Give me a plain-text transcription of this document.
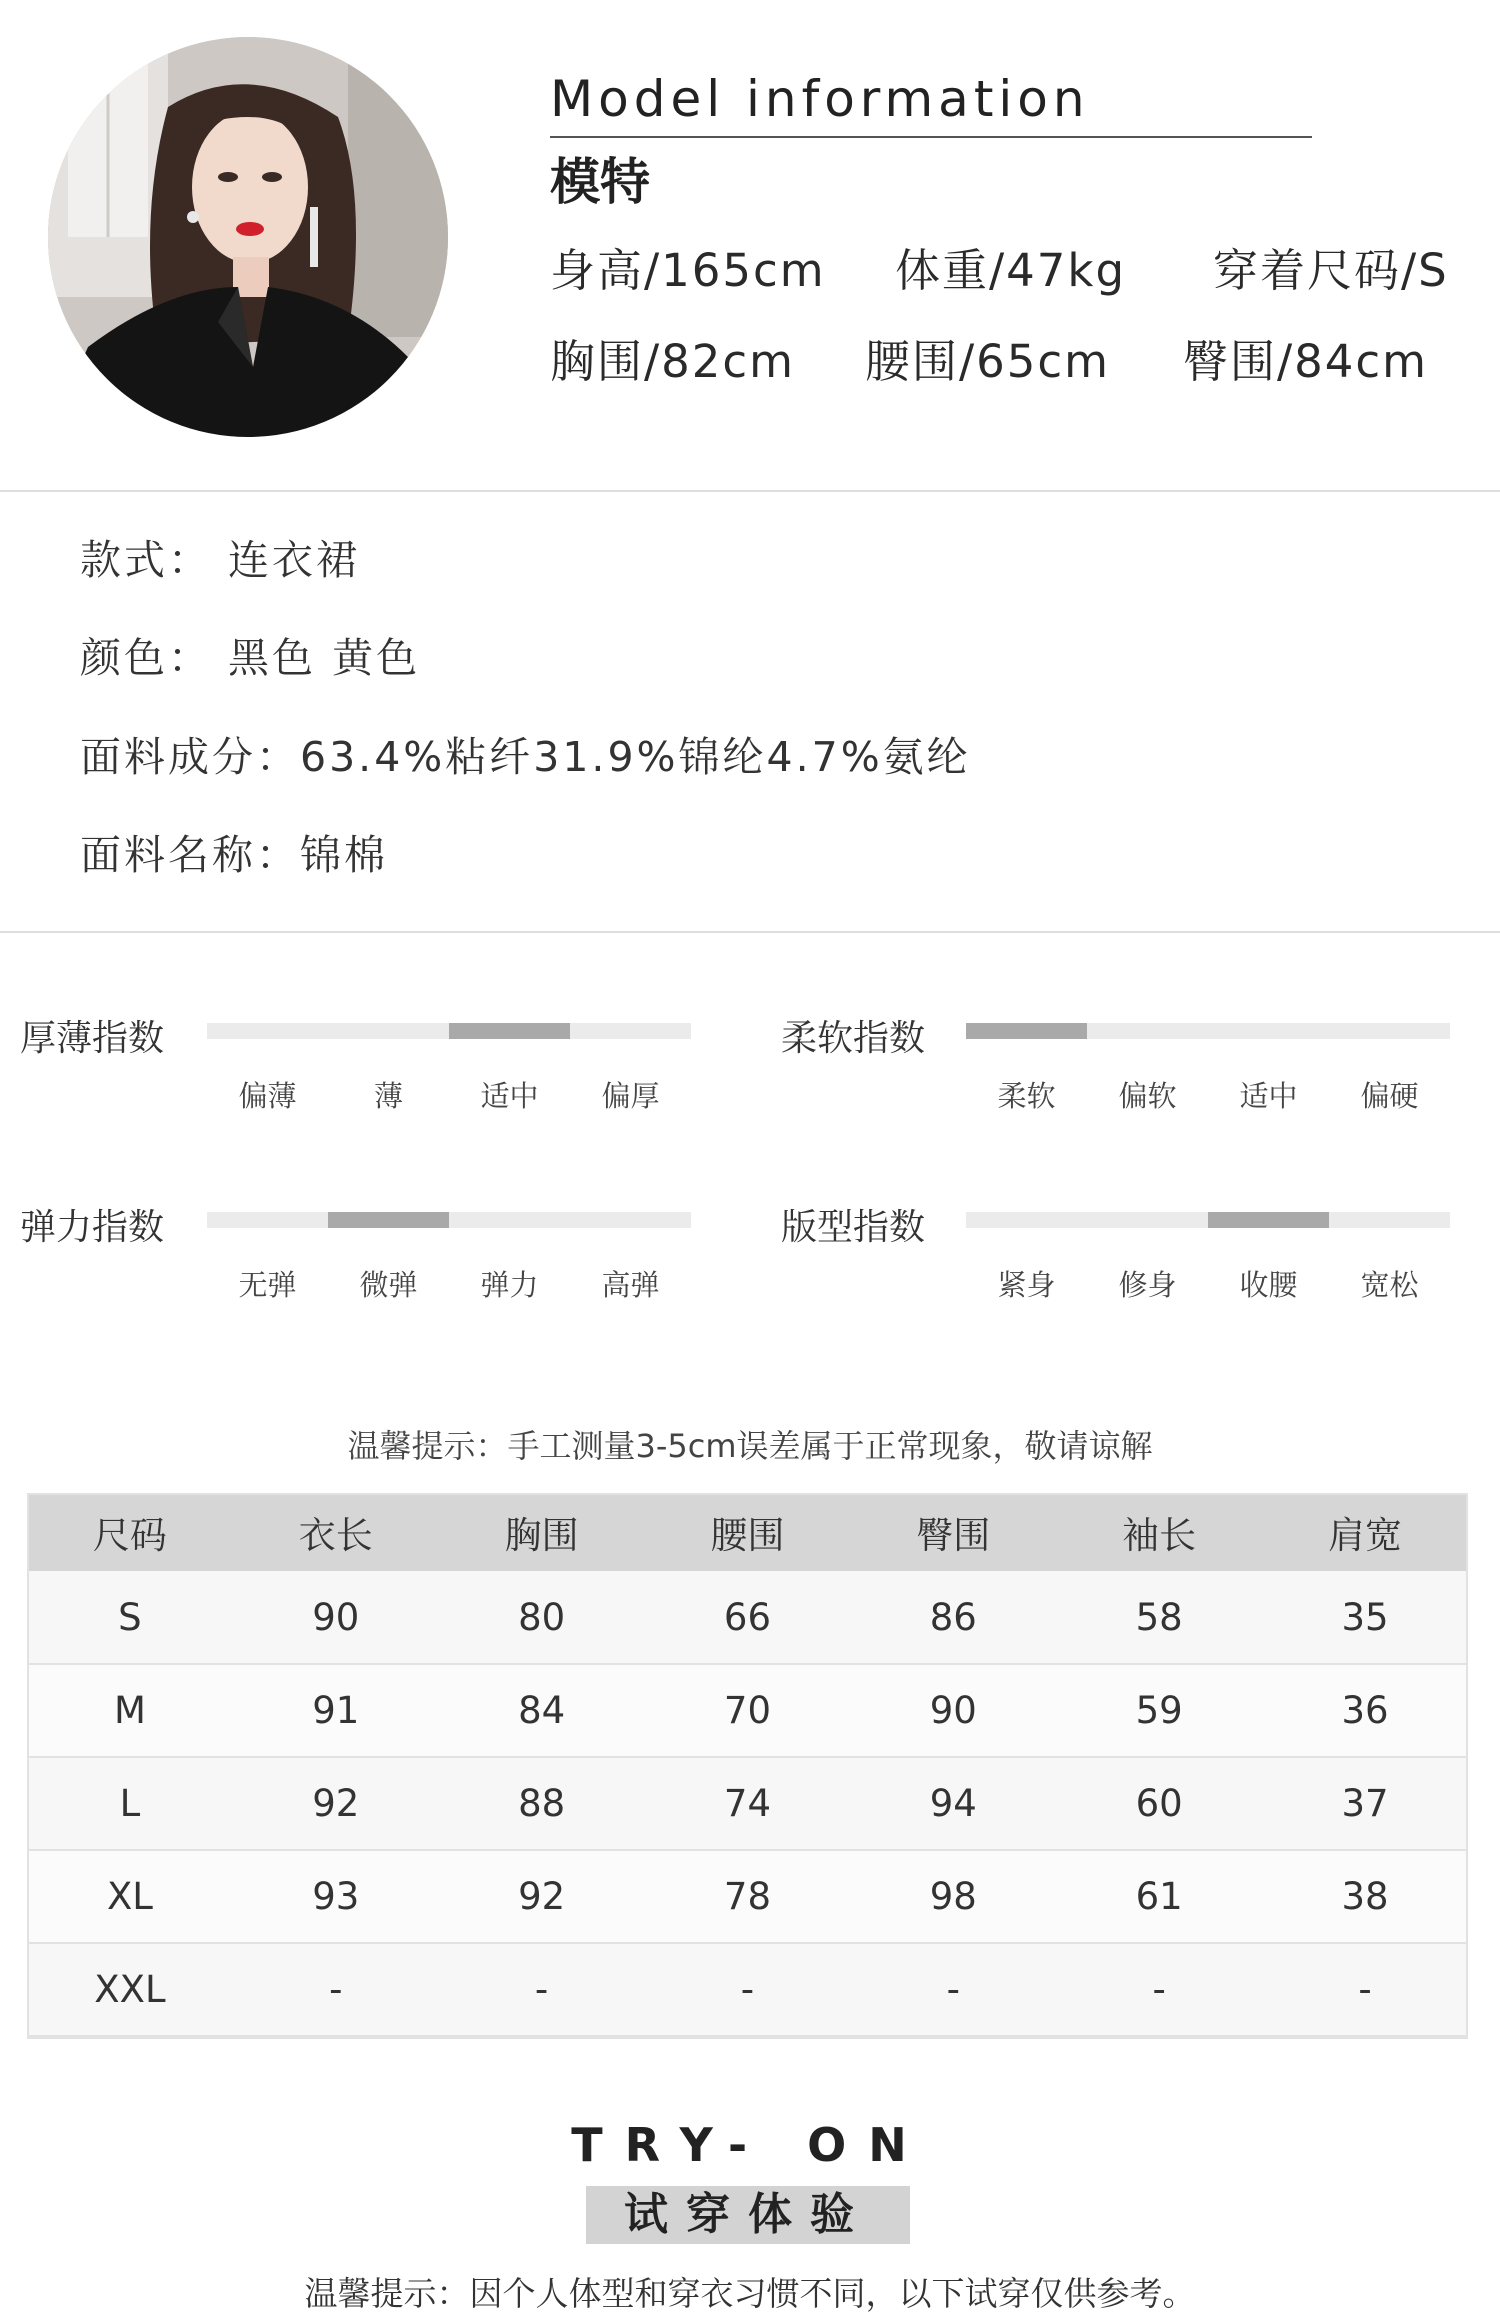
Model information
模特
身高/165cm 体重/47kg 穿着尺码/S
胸围/82cm 腰围/65cm 臀围/84cm
款式： 连衣裙
颜色： 黑色 黄色
面料成分：63.4%粘纤31.9%锦纶4.7%氨纶
面料名称：锦棉
厚薄指数
偏薄	薄	适中 偏厚
柔软指数
柔软 偏软 适中 偏硬
弹力指数
无弹 微弹 弹力 高弹
版型指数
紧身 修身 收腰 宽松
温馨提示：手工测量3-5cm误差属于正常现象，敬请谅解
尺码	衣长	胸围	腰围	臀围	袖长	肩宽
S	90	80	66	86	58	35
M	91	84	70	90	59	36
L	92	88	74	94	60	37
XL	93	92	78	98	61	38
XXL	-	-	-	-	-	-
TRY- ON
试穿体验
温馨提示：因个人体型和穿衣习惯不同，以下试穿仅供参考。
